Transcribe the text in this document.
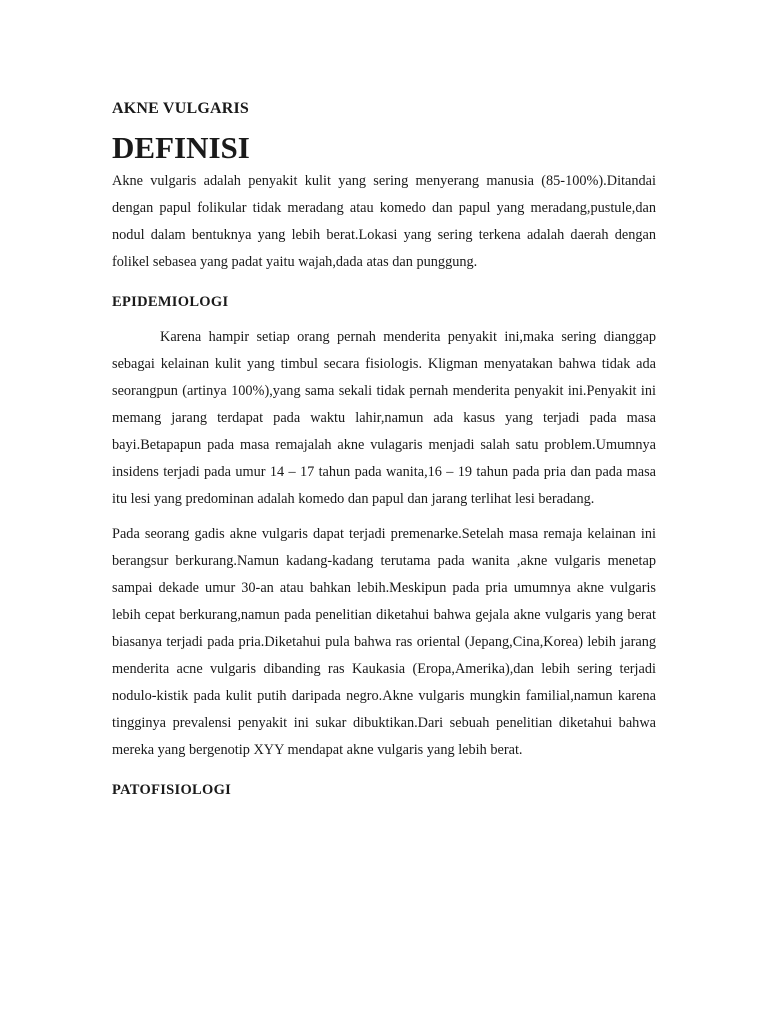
AKNE VULGARIS
DEFINISI

Akne vulgaris adalah penyakit kulit yang sering menyerang manusia (85-100%).Ditandai dengan papul folikular tidak meradang atau komedo dan papul yang meradang,pustule,dan nodul dalam bentuknya yang lebih berat.Lokasi yang sering terkena adalah daerah dengan folikel sebasea yang padat yaitu wajah,dada atas dan punggung.

EPIDEMIOLOGI

Karena hampir setiap orang pernah menderita penyakit ini,maka sering dianggap sebagai kelainan kulit yang timbul secara fisiologis. Kligman menyatakan bahwa tidak ada seorangpun (artinya 100%),yang sama sekali tidak pernah menderita penyakit ini.Penyakit ini memang jarang terdapat pada waktu lahir,namun ada kasus yang terjadi pada masa bayi.Betapapun pada masa remajalah akne vulagaris menjadi salah satu problem.Umumnya insidens terjadi pada umur 14 – 17 tahun pada wanita,16 – 19 tahun pada pria dan pada masa itu lesi yang predominan adalah komedo dan papul dan jarang terlihat lesi beradang.

Pada seorang gadis akne vulgaris dapat terjadi premenarke.Setelah masa remaja kelainan ini berangsur berkurang.Namun kadang-kadang terutama pada wanita ,akne vulgaris menetap sampai dekade umur 30-an atau bahkan lebih.Meskipun pada pria umumnya akne vulgaris lebih cepat berkurang,namun pada penelitian diketahui bahwa gejala akne vulgaris yang berat biasanya terjadi pada pria.Diketahui pula bahwa ras oriental (Jepang,Cina,Korea) lebih jarang menderita acne vulgaris dibanding ras Kaukasia (Eropa,Amerika),dan lebih sering terjadi nodulo-kistik pada kulit putih daripada negro.Akne vulgaris mungkin familial,namun karena tingginya prevalensi penyakit ini sukar dibuktikan.Dari sebuah penelitian diketahui bahwa mereka yang bergenotip XYY mendapat akne vulgaris yang lebih berat.

PATOFISIOLOGI
